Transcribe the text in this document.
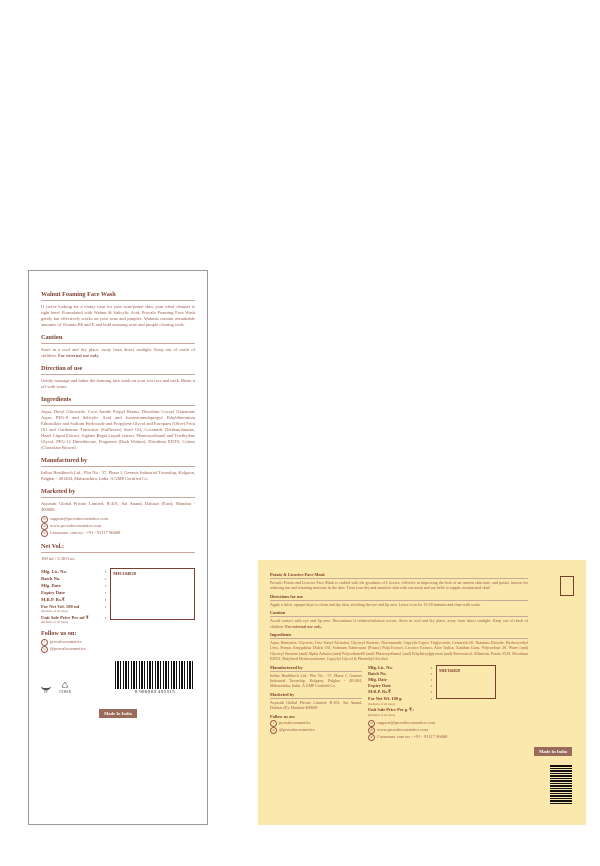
Walnut Foaming Face Wash

If you're looking for a foamy treat for your acne-prone skin, your ideal cleanser is right here! Formulated with Walnut & Salicylic Acid, Provalo Foaming Face Wash gently but effectively works on your acne and pimples. Walnuts contain remarkable amounts of Vitamin B6 and E and hold amazing acne and pimple clearing tools.

Caution

Store in a cool and dry place, away from direct sunlight. Keep out of reach of children. For external use only.

Direction of use

Gently massage and lather the foaming face wash on your wet face and neck. Rinse it off with water.

Ingredients

Aqua, Decyl Glucoside, Coco Amide Propyl Betain, Disodium Cocoyl Glutamate Aqua, PEG-8 and Salicylic Acid and Isostearamidopropyl Ethyldimonium Ethosulfate and Sodium Hydroxide and Propylene Glycol and Europaea (Olive) Fruit Oil and Carthamus Tinctorius (Safflower) Seed Oil, Cocamide Diethanolamine, Hazel Liquid Extract, Juglans Regia Liquid extract, Phenoxyethanol and Triethylene Glycol, PEG-12 Dimethicone, Fragrance (Dark Walnut), Disodium EDTA, Colour (Chocolate Brown).

Manufactured by

Influx Healthtech Ltd., Plot No : 57, Phase I, Genesis Industrial Township, Kolgaon, Palghar - 401404, Maharashtra, India. A GMP Certified Co.

Marketed by

Asyasnk Global Private Limited, B-201, Sai Anand, Dahisar (East), Mumbai - 400068.

✉ support@provalocosmetics.com
⊕ www.provalocosmetics.com
☏ Consumer care no : +91 - 91117 96668
Net Vol.:

100 ml / 3.38 fl.oz.

Mfg. Lic. No.	:
Batch No.	:
Mfg. Date	:
Expiry Date	:
M.R.P. Rs.₹	:
For Net Vol. 100 ml	:
(Inclusive of all taxes)
Unit Sale Price Per ml ₹	:
(Inclusive of all taxes)
MH/104828
Follow us on:
f	provalocosmetics
◎ @provalocosmetics
PP
♺
OTHER	8 906084 495515
Made In India
Potato & Licorice Face Mask

Provalo Potato and Licorice Face Mask is crafted with the goodness of Licorice, effective in improving the look of an uneven skin tone, and potato, known for reducing tan and retaining moisture in the skin. Treat your dry and sensitive skin with our mask and say hello to supple, moisturized skin!

Directions for use

Apply a thick, opaque layer to clean and dry skin, avoiding the eye and lip area. Leave it on for 15-20 minutes and rinse with water.

Caution

Avoid contact with eye and lip area. Discontinue if redness/irritation occurs. Store in cool and dry place, away from direct sunlight. Keep out of reach of children. For external use only.

Ingredients

Aqua, Bentonite, Glycerin, Ceto Steryl Alchohol, Glyceryl Stearate, Niacinamide, Caprylic/Capric Triglyceride, Ceteareth-20, Titanium Dioxide, Hydroxyethyl Urea, Prunus Amygdalus Dulcis Oil, Solanum Tuberosum (Potato) Pulp Extract, Licorice Extract, Aloe Indica, Xanthan Gum, Polysorbate 20, Water (and) Glyceryl Stearate (and) Alpha Arbutin (and) Polysorbate60 (and) Phenoxyethanol (and) Ethylhexylglycerin (and) Resveratrol, Allantoin, Potato 5529, Disodium EDTA, Butylated Hydroxytoluene, Caprylyl Glycol & Phenethyl Alcohol.

Manufactured by

Influx Healthtech Ltd., Plot No : 57, Phase I, Genesis Industrial Township, Kolgaon, Palghar - 401404, Maharashtra, India. A GMP Certified Co.

Marketed by

Asyasnk Global Private Limited, B-201, Sai Anand, Dahisar (E), Mumbai-400068

Follow us on:
f	provalocosmetics
◎ @provalocosmetics
Mfg. Lic. No.	:
Batch No.	:
Mfg. Date	:
Expiry Date	:
M.R.P. Rs.₹	:
For Net Wt. 100 g.	:
(Inclusive of all taxes)
MH/104828
Unit Sale Price Per g. ₹ :
(Inclusive of all taxes)
✉ support@provalocosmetics.com
⊕ www.provalocosmetics.com
☏ Consumer care no : +91 - 91117 96668
Made In India
